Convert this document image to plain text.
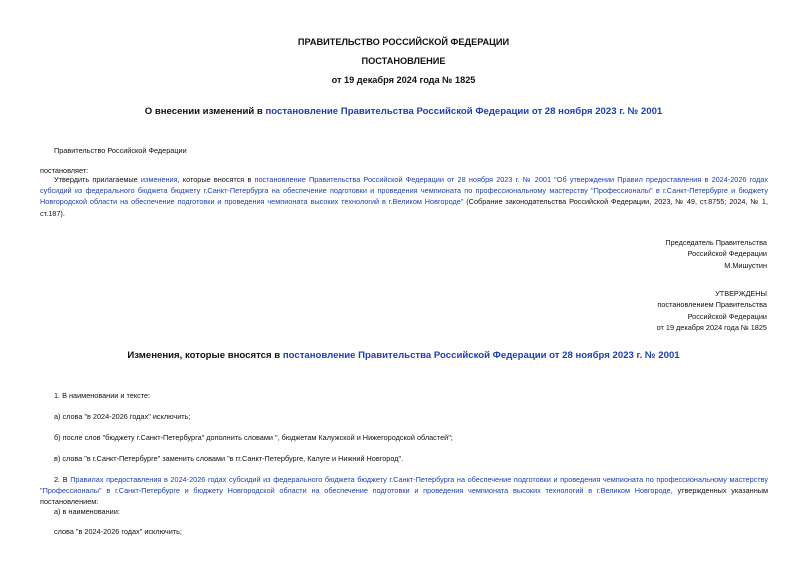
ПРАВИТЕЛЬСТВО РОССИЙСКОЙ ФЕДЕРАЦИИ
ПОСТАНОВЛЕНИЕ
от 19 декабря 2024 года № 1825
О внесении изменений в постановление Правительства Российской Федерации от 28 ноября 2023 г. № 2001
Правительство Российской Федерации
постановляет:
Утвердить прилагаемые изменения, которые вносятся в постановление Правительства Российской Федерации от 28 ноября 2023 г. № 2001 "Об утверждении Правил предоставления в 2024-2026 годах субсидий из федерального бюджета бюджету г.Санкт-Петербурга на обеспечение подготовки и проведения чемпионата по профессиональному мастерству "Профессионалы" в г.Санкт-Петербурге и бюджету Новгородской области на обеспечение подготовки и проведения чемпионата высоких технологий в г.Великом Новгороде" (Собрание законодательства Российской Федерации, 2023, № 49, ст.8755; 2024, № 1, ст.187).
Председатель Правительства
Российской Федерации
М.Мишустин
УТВЕРЖДЕНЫ
постановлением Правительства
Российской Федерации
от 19 декабря 2024 года № 1825
Изменения, которые вносятся в постановление Правительства Российской Федерации от 28 ноября 2023 г. № 2001
1. В наименовании и тексте:
а) слова "в 2024-2026 годах" исключить;
б) после слов "бюджету г.Санкт-Петербурга" дополнить словами ", бюджетам Калужской и Нижегородской областей";
в) слова "в г.Санкт-Петербурге" заменить словами "в гг.Санкт-Петербурге, Калуге и Нижний Новгород".
2. В Правилах предоставления в 2024-2026 годах субсидий из федерального бюджета бюджету г.Санкт-Петербурга на обеспечение подготовки и проведения чемпионата по профессиональному мастерству "Профессионалы" в г.Санкт-Петербурге и бюджету Новгородской области на обеспечение подготовки и проведения чемпионата высоких технологий в г.Великом Новгороде, утвержденных указанным постановлением:
а) в наименовании:
слова "в 2024-2026 годах" исключить;
